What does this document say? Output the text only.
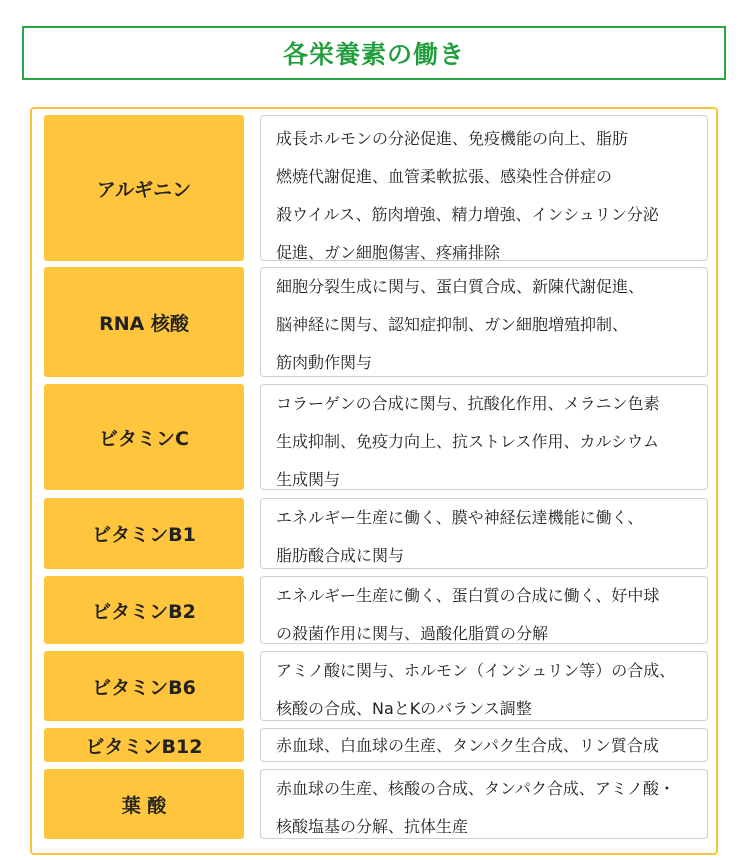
各栄養素の働き
アルギニン
成長ホルモンの分泌促進、免疫機能の向上、脂肪
燃焼代謝促進、血管柔軟拡張、感染性合併症の
殺ウイルス、筋肉増強、精力増強、インシュリン分泌
促進、ガン細胞傷害、疼痛排除
RNA 核酸
細胞分裂生成に関与、蛋白質合成、新陳代謝促進、
脳神経に関与、認知症抑制、ガン細胞増殖抑制、
筋肉動作関与
ビタミンC
コラーゲンの合成に関与、抗酸化作用、メラニン色素
生成抑制、免疫力向上、抗ストレス作用、カルシウム
生成関与
ビタミンB1
エネルギー生産に働く、膜や神経伝達機能に働く、
脂肪酸合成に関与
ビタミンB2
エネルギー生産に働く、蛋白質の合成に働く、好中球
の殺菌作用に関与、過酸化脂質の分解
ビタミンB6
アミノ酸に関与、ホルモン（インシュリン等）の合成、
核酸の合成、NaとKのバランス調整
ビタミンB12	赤血球、白血球の生産、タンパク生合成、リン質合成
葉 酸
赤血球の生産、核酸の合成、タンパク合成、アミノ酸・
核酸塩基の分解、抗体生産
